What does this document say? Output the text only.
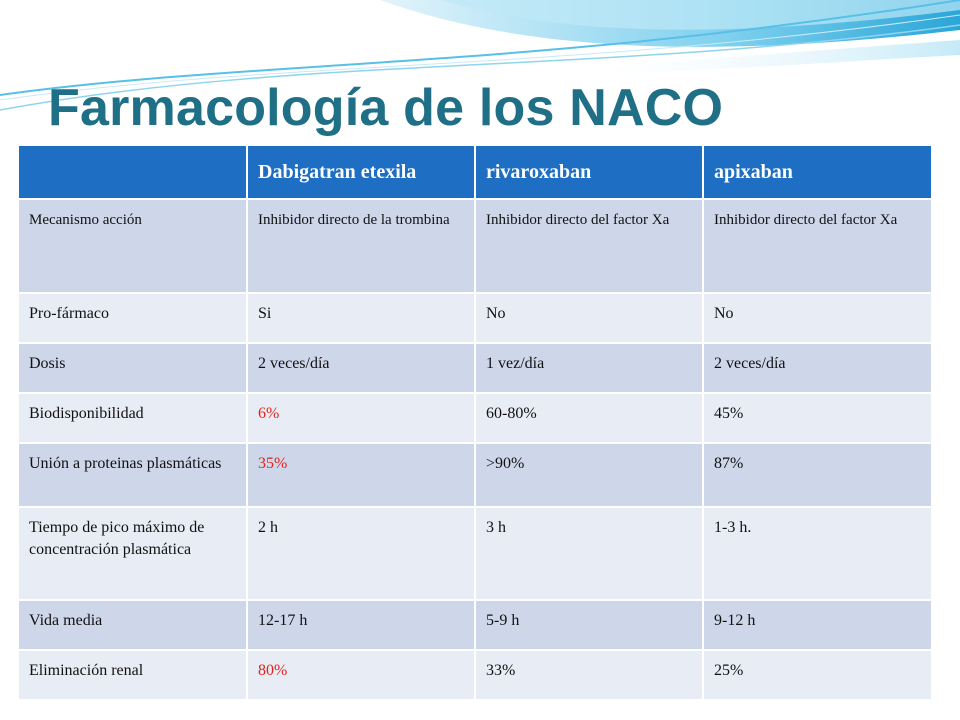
Farmacología de los NACO
	Dabigatran etexila	rivaroxaban	apixaban
Mecanismo acción	Inhibidor directo de la trombina	Inhibidor directo del factor Xa	Inhibidor directo del factor Xa
Pro-fármaco	Si	No	No
Dosis	2 veces/día	1 vez/día	2 veces/día
Biodisponibilidad	6%	60-80%	45%
Unión a proteinas plasmáticas	35%	>90%	87%
Tiempo de pico máximo de concentración plasmática	2 h	3 h	1-3 h.
Vida media	12-17 h	5-9 h	9-12 h
Eliminación renal	80%	33%	25%
